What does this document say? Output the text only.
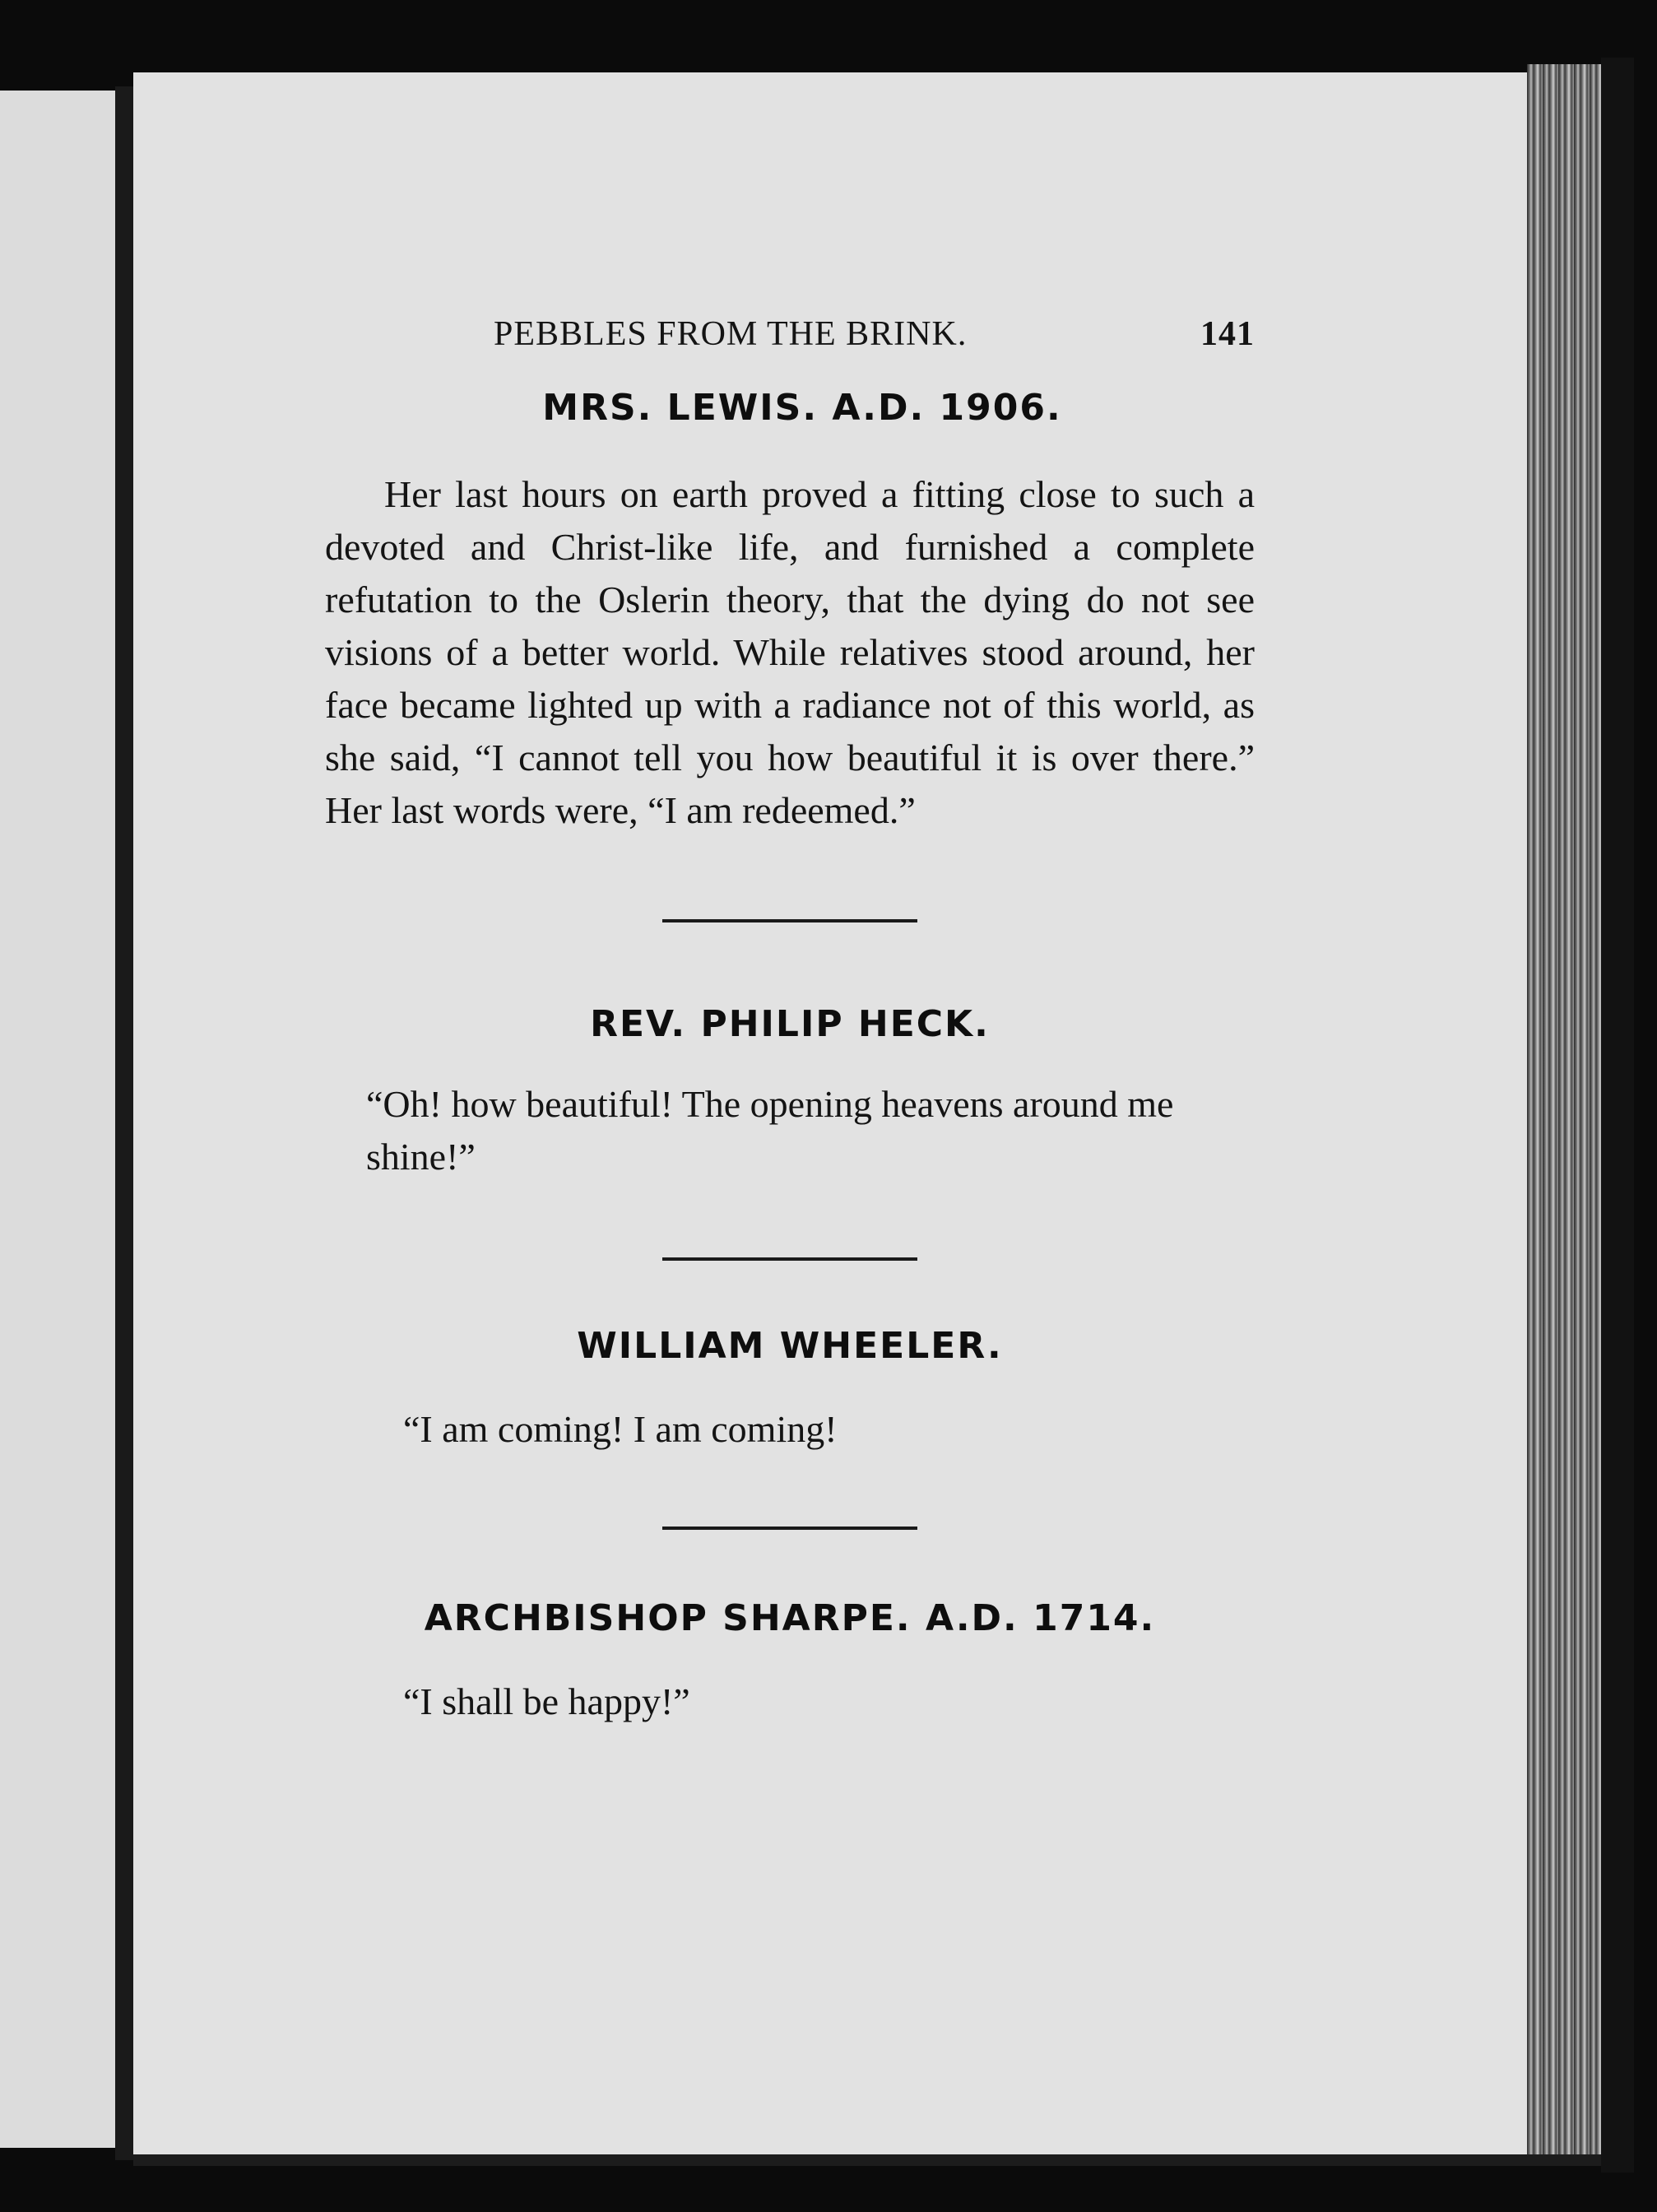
PEBBLES FROM THE BRINK.	141
MRS. LEWIS. A.D. 1906.

Her last hours on earth proved a fitting close to such a devoted and Christ-like life, and furnished a complete refutation to the Oslerin theory, that the dying do not see visions of a better world. While relatives stood around, her face became lighted up with a radiance not of this world, as she said, “I cannot tell you how beautiful it is over there.” Her last words were, “I am redeemed.”

REV. PHILIP HECK.

“Oh! how beautiful! The opening heavens around me shine!”

WILLIAM WHEELER.

“I am coming! I am coming!

ARCHBISHOP SHARPE. A.D. 1714.

“I shall be happy!”
